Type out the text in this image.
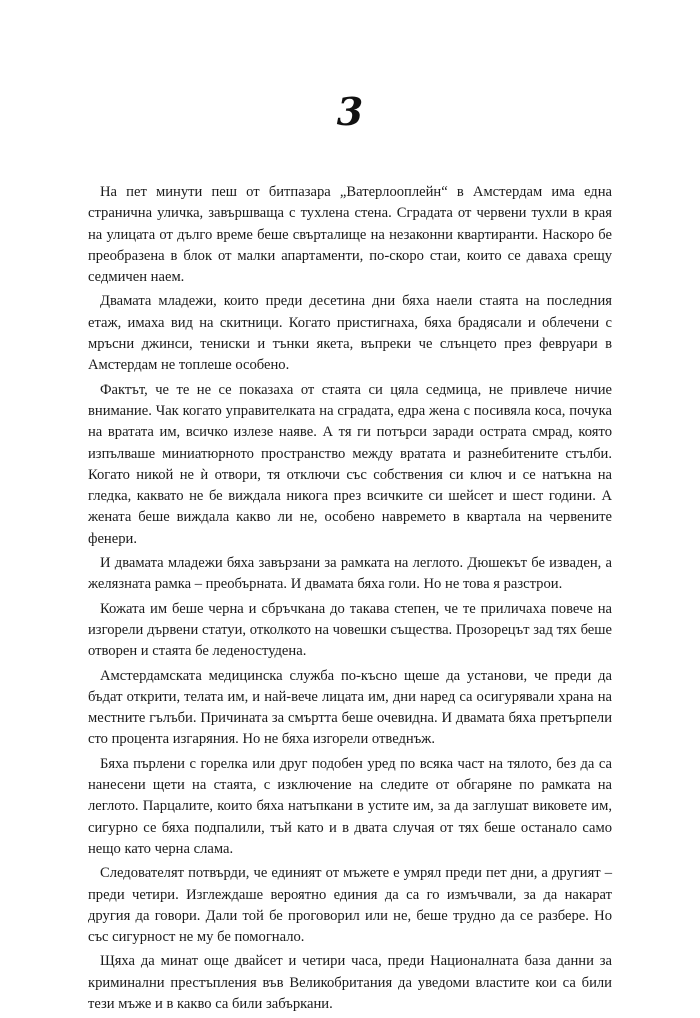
3

На пет минути пеш от битпазара „Ватерлооплейн“ в Амстердам има една странична уличка, завършваща с тухлена стена. Сградата от червени тухли в края на улицата от дълго време беше свърталище на незаконни квартиранти. Наскоро бе преобразена в блок от малки апартаменти, по-скоро стаи, които се даваха срещу седмичен наем.

Двамата младежи, които преди десетина дни бяха наели стаята на последния етаж, имаха вид на скитници. Когато пристигнаха, бяха брадясали и облечени с мръсни джинси, тениски и тънки якета, въпреки че слънцето през февруари в Амстердам не топлеше особено.

Фактът, че те не се показаха от стаята си цяла седмица, не привлече ничие внимание. Чак когато управителката на сградата, едра жена с посивяла коса, почука на вратата им, всичко излезе наяве. А тя ги потърси заради острата смрад, която изпълваше миниатюрното пространство между вратата и разнебитените стълби. Когато никой не ѝ отвори, тя отключи със собствения си ключ и се натъкна на гледка, каквато не бе виждала никога през всичките си шейсет и шест години. А жената беше виждала какво ли не, особено навремето в квартала на червените фенери.

И двамата младежи бяха завързани за рамката на леглото. Дюшекът бе изваден, а желязната рамка – преобърната. И двамата бяха голи. Но не това я разстрои.

Кожата им беше черна и сбръчкана до такава степен, че те приличаха повече на изгорели дървени статуи, отколкото на човешки същества. Прозорецът зад тях беше отворен и стаята бе леденостудена.

Амстердамската медицинска служба по-късно щеше да установи, че преди да бъдат открити, телата им, и най-вече лицата им, дни наред са осигурявали храна на местните гълъби. Причината за смъртта беше очевидна. И двамата бяха претърпели сто процента изгаряния. Но не бяха изгорели отведнъж.

Бяха пърлени с горелка или друг подобен уред по всяка част на тялото, без да са нанесени щети на стаята, с изключение на следите от обгаряне по рамката на леглото. Парцалите, които бяха натъпкани в устите им, за да заглушат виковете им, сигурно се бяха подпалили, тъй като и в двата случая от тях беше останало само нещо като черна слама.

Следователят потвърди, че единият от мъжете е умрял преди пет дни, а другият – преди четири. Изглеждаше вероятно единия да са го измъчвали, за да накарат другия да говори. Дали той бе проговорил или не, беше трудно да се разбере. Но със сигурност не му бе помогнало.

Щяха да минат още двайсет и четири часа, преди Националната база данни за криминални престъпления във Великобритания да уведоми властите кои са били тези мъже и в какво са били забъркани.
